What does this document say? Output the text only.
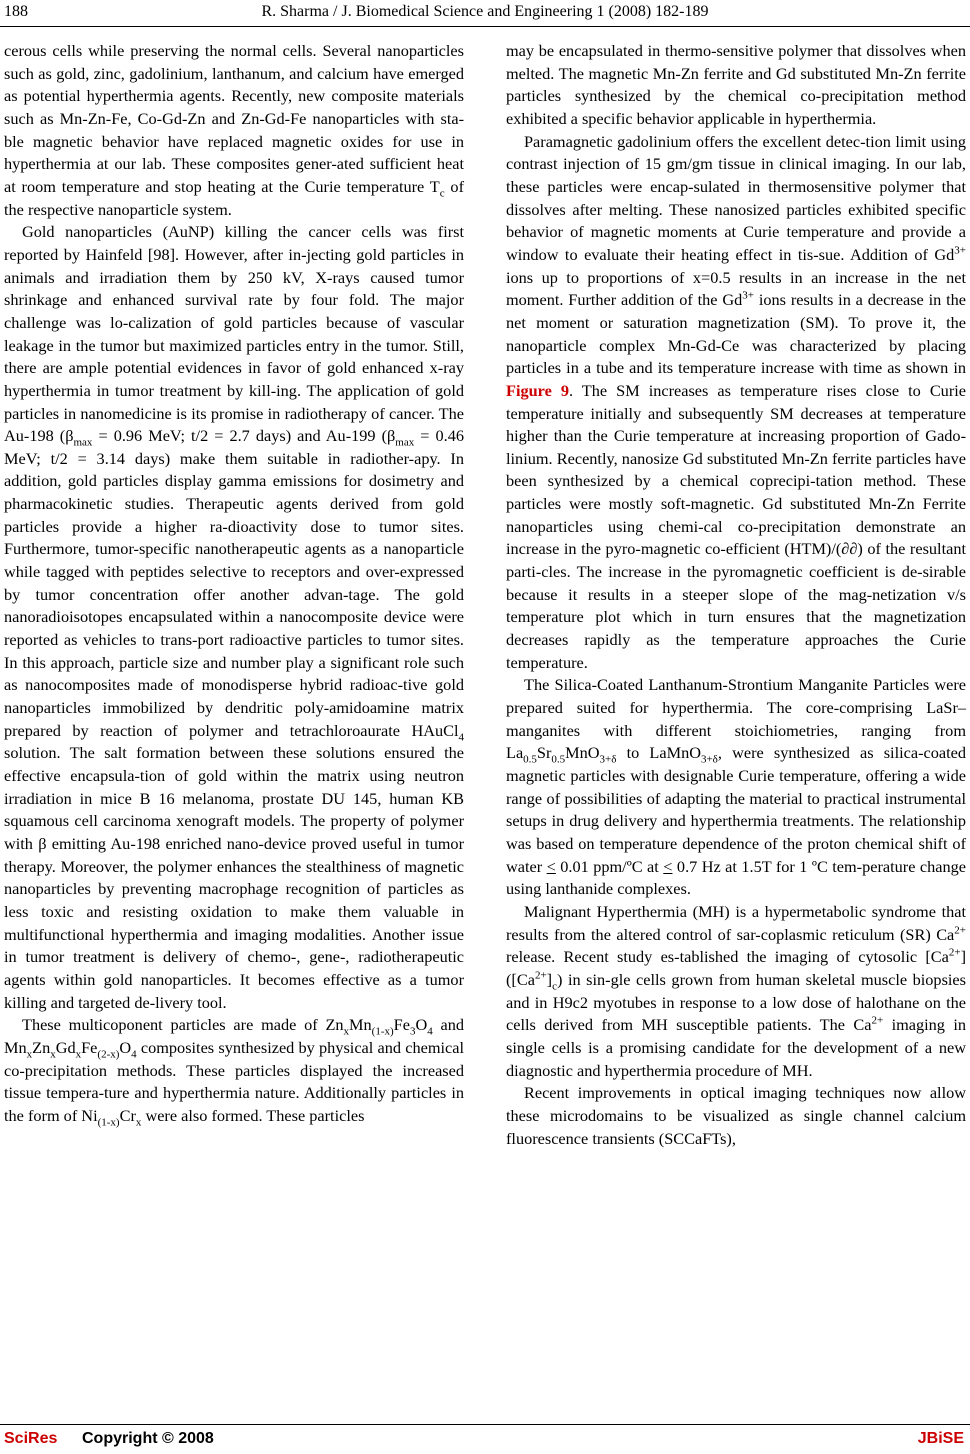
188	R. Sharma / J. Biomedical Science and Engineering 1 (2008) 182-189

cerous cells while preserving the normal cells. Several nanoparticles such as gold, zinc, gadolinium, lanthanum, and calcium have emerged as potential hyperthermia agents. Recently, new composite materials such as Mn-Zn-Fe, Co-Gd-Zn and Zn-Gd-Fe nanoparticles with sta-ble magnetic behavior have replaced magnetic oxides for use in hyperthermia at our lab. These composites gener-ated sufficient heat at room temperature and stop heating at the Curie temperature $T_c$ of the respective nanoparticle system.

Gold nanoparticles (AuNP) killing the cancer cells was first reported by Hainfeld [98]. However, after in-jecting gold particles in animals and irradiation them by 250 kV, X-rays caused tumor shrinkage and enhanced survival rate by four fold. The major challenge was lo-calization of gold particles because of vascular leakage in the tumor but maximized particles entry in the tumor. Still, there are ample potential evidences in favor of gold enhanced x-ray hyperthermia in tumor treatment by kill-ing. The application of gold particles in nanomedicine is its promise in radiotherapy of cancer. The Au-198 ($\beta_{max} = 0.96$ MeV; t/2 = 2.7 days) and Au-199 ($\beta_{max} = 0.46$ MeV; t/2 = 3.14 days) make them suitable in radiother-apy. In addition, gold particles display gamma emissions for dosimetry and pharmacokinetic studies. Therapeutic agents derived from gold particles provide a higher ra-dioactivity dose to tumor sites. Furthermore, tumor-specific nanotherapeutic agents as a nanoparticle while tagged with peptides selective to receptors and over-expressed by tumor concentration offer another advan-tage. The gold nanoradioisotopes encapsulated within a nanocomposite device were reported as vehicles to trans-port radioactive particles to tumor sites. In this approach, particle size and number play a significant role such as nanocomposites made of monodisperse hybrid radioac-tive gold nanoparticles immobilized by dendritic poly-amidoamine matrix prepared by reaction of polymer and tetrachloroaurate HAuCl$_4$ solution. The salt formation between these solutions ensured the effective encapsula-tion of gold within the matrix using neutron irradiation in mice B 16 melanoma, prostate DU 145, human KB squamous cell carcinoma xenograft models. The property of polymer with β emitting Au-198 enriched nano-device proved useful in tumor therapy. Moreover, the polymer enhances the stealthiness of magnetic nanoparticles by preventing macrophage recognition of particles as less toxic and resisting oxidation to make them valuable in multifunctional hyperthermia and imaging modalities. Another issue in tumor treatment is delivery of chemo-, gene-, radiotherapeutic agents within gold nanoparticles. It becomes effective as a tumor killing and targeted de-livery tool.

These multicoponent particles are made of $Zn_xMn_{(1-x)}Fe_3O_4$ and $Mn_xZn_xGd_xFe_{(2-x)}O_4$ composites synthesized by physical and chemical co-precipitation methods. These particles displayed the increased tissue tempera-ture and hyperthermia nature. Additionally particles in the form of $Ni_{(1-x)}Cr_x$ were also formed. These particles

may be encapsulated in thermo-sensitive polymer that dissolves when melted. The magnetic Mn-Zn ferrite and Gd substituted Mn-Zn ferrite particles synthesized by the chemical co-precipitation method exhibited a specific behavior applicable in hyperthermia.

Paramagnetic gadolinium offers the excellent detec-tion limit using contrast injection of 15 gm/gm tissue in clinical imaging. In our lab, these particles were encap-sulated in thermosensitive polymer that dissolves after melting. These nanosized particles exhibited specific behavior of magnetic moments at Curie temperature and provide a window to evaluate their heating effect in tis-sue. Addition of $Gd^{3+}$ ions up to proportions of x=0.5 results in an increase in the net moment. Further addition of the $Gd^{3+}$ ions results in a decrease in the net moment or saturation magnetization (SM). To prove it, the nanoparticle complex Mn-Gd-Ce was characterized by placing particles in a tube and its temperature increase with time as shown in Figure 9. The SM increases as temperature rises close to Curie temperature initially and subsequently SM decreases at temperature higher than the Curie temperature at increasing proportion of Gado-linium. Recently, nanosize Gd substituted Mn-Zn ferrite particles have been synthesized by a chemical coprecipi-tation method. These particles were mostly soft-magnetic. Gd substituted Mn-Zn Ferrite nanoparticles using chemi-cal co-precipitation demonstrate an increase in the pyro-magnetic co-efficient (HTM)/(∂∂) of the resultant parti-cles. The increase in the pyromagnetic coefficient is de-sirable because it results in a steeper slope of the mag-netization v/s temperature plot which in turn ensures that the magnetization decreases rapidly as the temperature approaches the Curie temperature.

The Silica-Coated Lanthanum-Strontium Manganite Particles were prepared suited for hyperthermia. The core-comprising LaSr–manganites with different stoichiometries, ranging from $La_{0.5}Sr_{0.5}MnO_{3+\delta}$ to LaMnO$_{3+\delta}$, were synthesized as silica-coated magnetic particles with designable Curie temperature, offering a wide range of possibilities of adapting the material to practical instrumental setups in drug delivery and hyperthermia treatments. The relationship was based on temperature dependence of the proton chemical shift of water < 0.01 ppm/ºC at < 0.7 Hz at 1.5T for 1 ºC tem-perature change using lanthanide complexes.

Malignant Hyperthermia (MH) is a hypermetabolic syndrome that results from the altered control of sar-coplasmic reticulum (SR) $Ca^{2+}$ release. Recent study es-tablished the imaging of cytosolic $[Ca^{2+}]$ $([Ca^{2+}]_c)$ in sin-gle cells grown from human skeletal muscle biopsies and in H9c2 myotubes in response to a low dose of halothane on the cells derived from MH susceptible patients. The $Ca^{2+}$ imaging in single cells is a promising candidate for the development of a new diagnostic and hyperthermia procedure of MH.

Recent improvements in optical imaging techniques now allow these microdomains to be visualized as single channel calcium fluorescence transients (SCCaFTs),

SciRes Copyright © 2008	JBiSE
